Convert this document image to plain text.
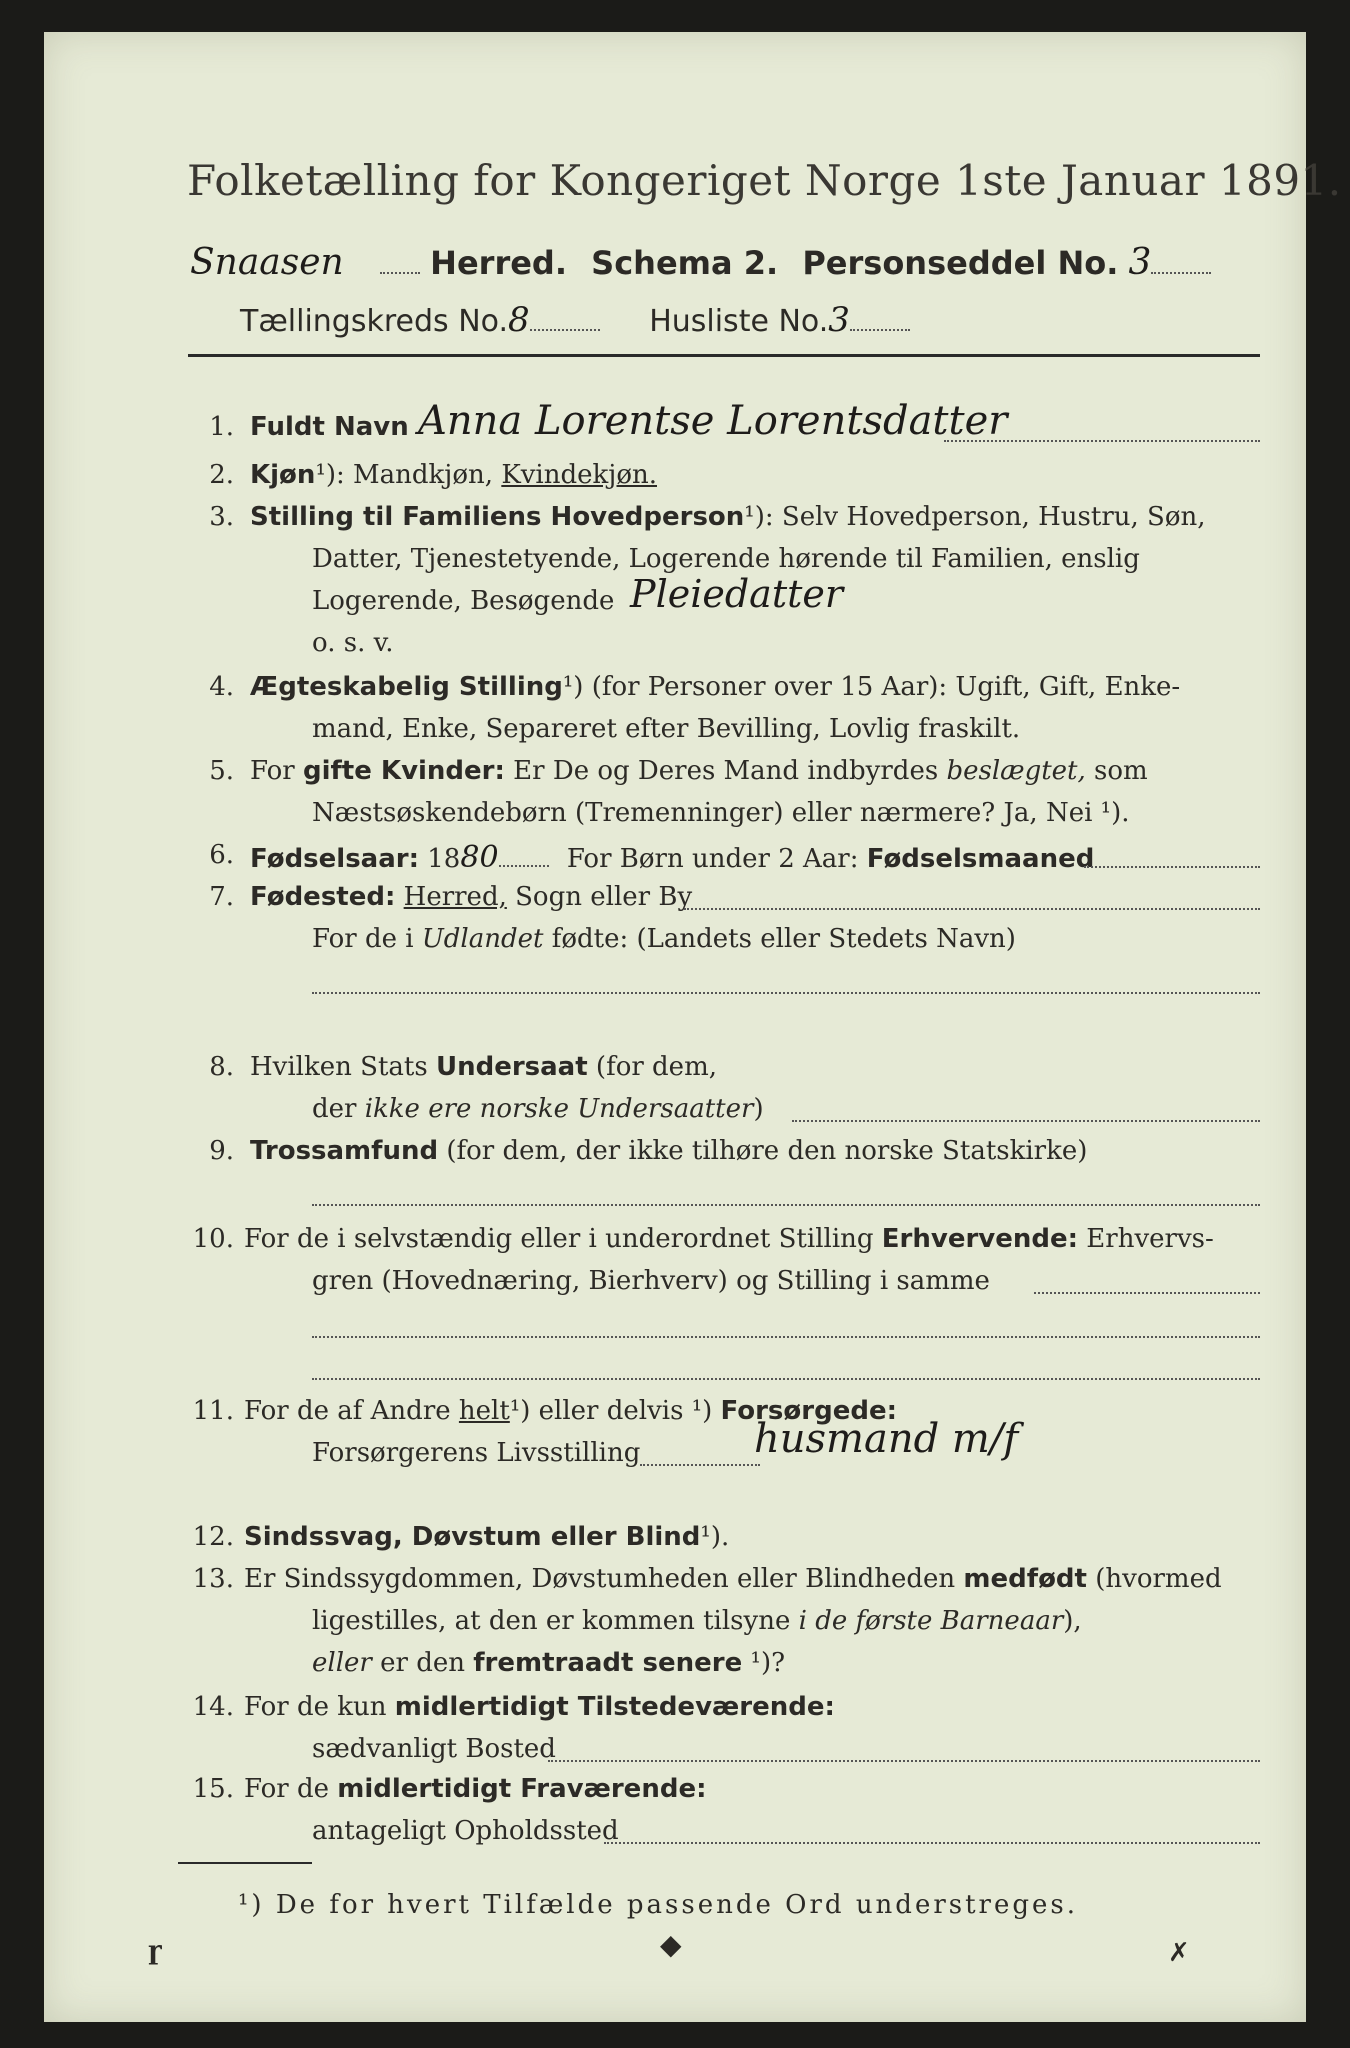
Folketælling for Kongeriget Norge 1ste Januar 1891.
Snaasen	Herred. Schema 2. Personseddel No. 3
Tællingskreds No.8	Husliste No.3
1. Fuldt Navn Anna Lorentse Lorentsdatter
2. Kjøn¹): Mandkjøn, Kvindekjøn.
3. Stilling til Familiens Hovedperson¹): Selv Hovedperson, Hustru, Søn,
Datter, Tjenestetyende, Logerende hørende til Familien, enslig
Logerende, Besøgende Pleiedatter
o. s. v.
4. Ægteskabelig Stilling¹) (for Personer over 15 Aar): Ugift, Gift, Enke-
mand, Enke, Separeret efter Bevilling, Lovlig fraskilt.
5. For gifte Kvinder: Er De og Deres Mand indbyrdes beslægtet, som
Næstsøskendebørn (Tremenninger) eller nærmere? Ja, Nei ¹).
6. Fødselsaar: 1880	For Børn under 2 Aar: Fødselsmaaned
7. Fødested: Herred, Sogn eller By
For de i Udlandet fødte: (Landets eller Stedets Navn)
8. Hvilken Stats Undersaat (for dem,
der ikke ere norske Undersaatter)
9. Trossamfund (for dem, der ikke tilhøre den norske Statskirke)
10. For de i selvstændig eller i underordnet Stilling Erhvervende: Erhvervs-
gren (Hovednæring, Bierhverv) og Stilling i samme
11. For de af Andre helt¹) eller delvis ¹) Forsørgede:
Forsørgerens Livsstilling	husmand m/f
12. Sindssvag, Døvstum eller Blind¹).
13. Er Sindssygdommen, Døvstumheden eller Blindheden medfødt (hvormed
ligestilles, at den er kommen tilsyne i de første Barneaar),
eller er den fremtraadt senere ¹)?
14. For de kun midlertidigt Tilstedeværende:
sædvanligt Bosted
15. For de midlertidigt Fraværende:
antageligt Opholdssted
¹) De for hvert Tilfælde passende Ord understreges.
ɼ	◆	✗
